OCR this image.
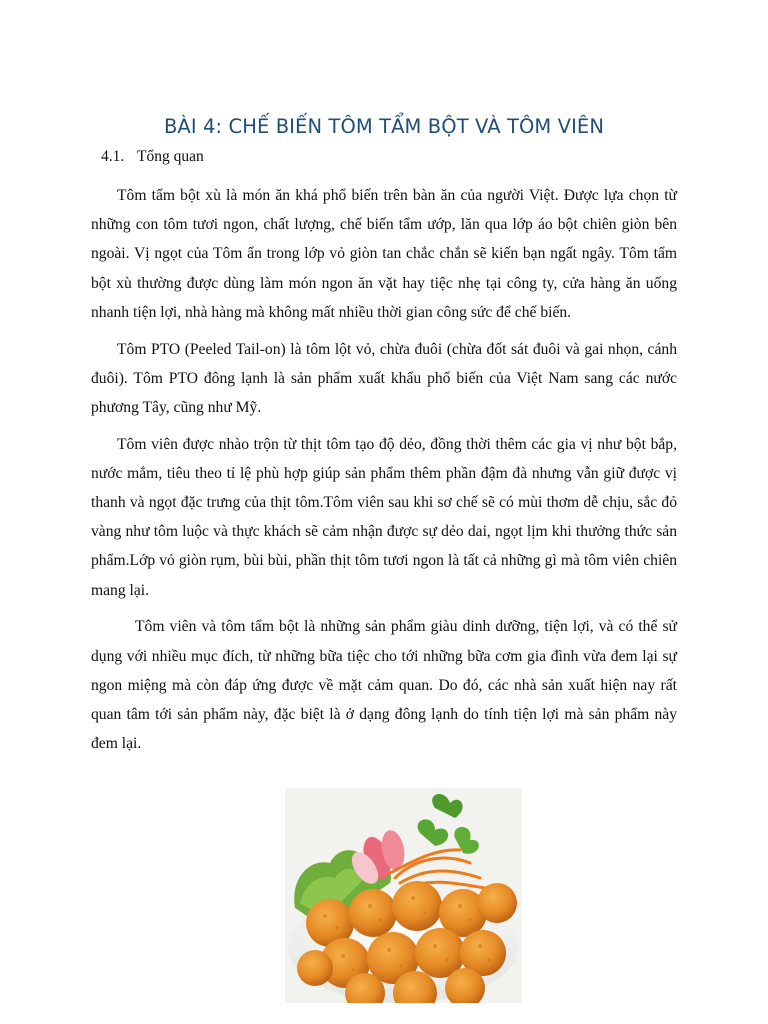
BÀI 4: CHẾ BIẾN TÔM TẨM BỘT VÀ TÔM VIÊN
4.1. Tổng quan

Tôm tẩm bột xù là món ăn khá phổ biến trên bàn ăn của người Việt. Được lựa chọn từ những con tôm tươi ngon, chất lượng, chế biến tẩm ướp, lăn qua lớp áo bột chiên giòn bên ngoài. Vị ngọt của Tôm ẩn trong lớp vỏ giòn tan chắc chắn sẽ kiến bạn ngất ngây. Tôm tẩm bột xù thường được dùng làm món ngon ăn vặt hay tiệc nhẹ tại công ty, cửa hàng ăn uống nhanh tiện lợi, nhà hàng mà không mất nhiều thời gian công sức để chế biến.

Tôm PTO (Peeled Tail-on) là tôm lột vỏ, chừa đuôi (chừa đốt sát đuôi và gai nhọn, cánh đuôi). Tôm PTO đông lạnh là sản phẩm xuất khẩu phổ biến của Việt Nam sang các nước phương Tây, cũng như Mỹ.

Tôm viên được nhào trộn từ thịt tôm tạo độ dẻo, đồng thời thêm các gia vị như bột bắp, nước mắm, tiêu theo tỉ lệ phù hợp giúp sản phẩm thêm phần đậm đà nhưng vẫn giữ được vị thanh và ngọt đặc trưng của thịt tôm.Tôm viên sau khi sơ chế sẽ có mùi thơm dễ chịu, sắc đỏ vàng như tôm luộc và thực khách sẽ cảm nhận được sự dẻo dai, ngọt lịm khi thưởng thức sản phẩm.Lớp vỏ giòn rụm, bùi bùi, phần thịt tôm tươi ngon là tất cả những gì mà tôm viên chiên mang lại.

Tôm viên và tôm tẩm bột là những sản phẩm giàu dinh dưỡng, tiện lợi, và có thể sử dụng với nhiều mục đích, từ những bữa tiệc cho tới những bữa cơm gia đình vừa đem lại sự ngon miệng mà còn đáp ứng được về mặt cảm quan. Do đó, các nhà sản xuất hiện nay rất quan tâm tới sản phẩm này, đặc biệt là ở dạng đông lạnh do tính tiện lợi mà sản phẩm này đem lại.
